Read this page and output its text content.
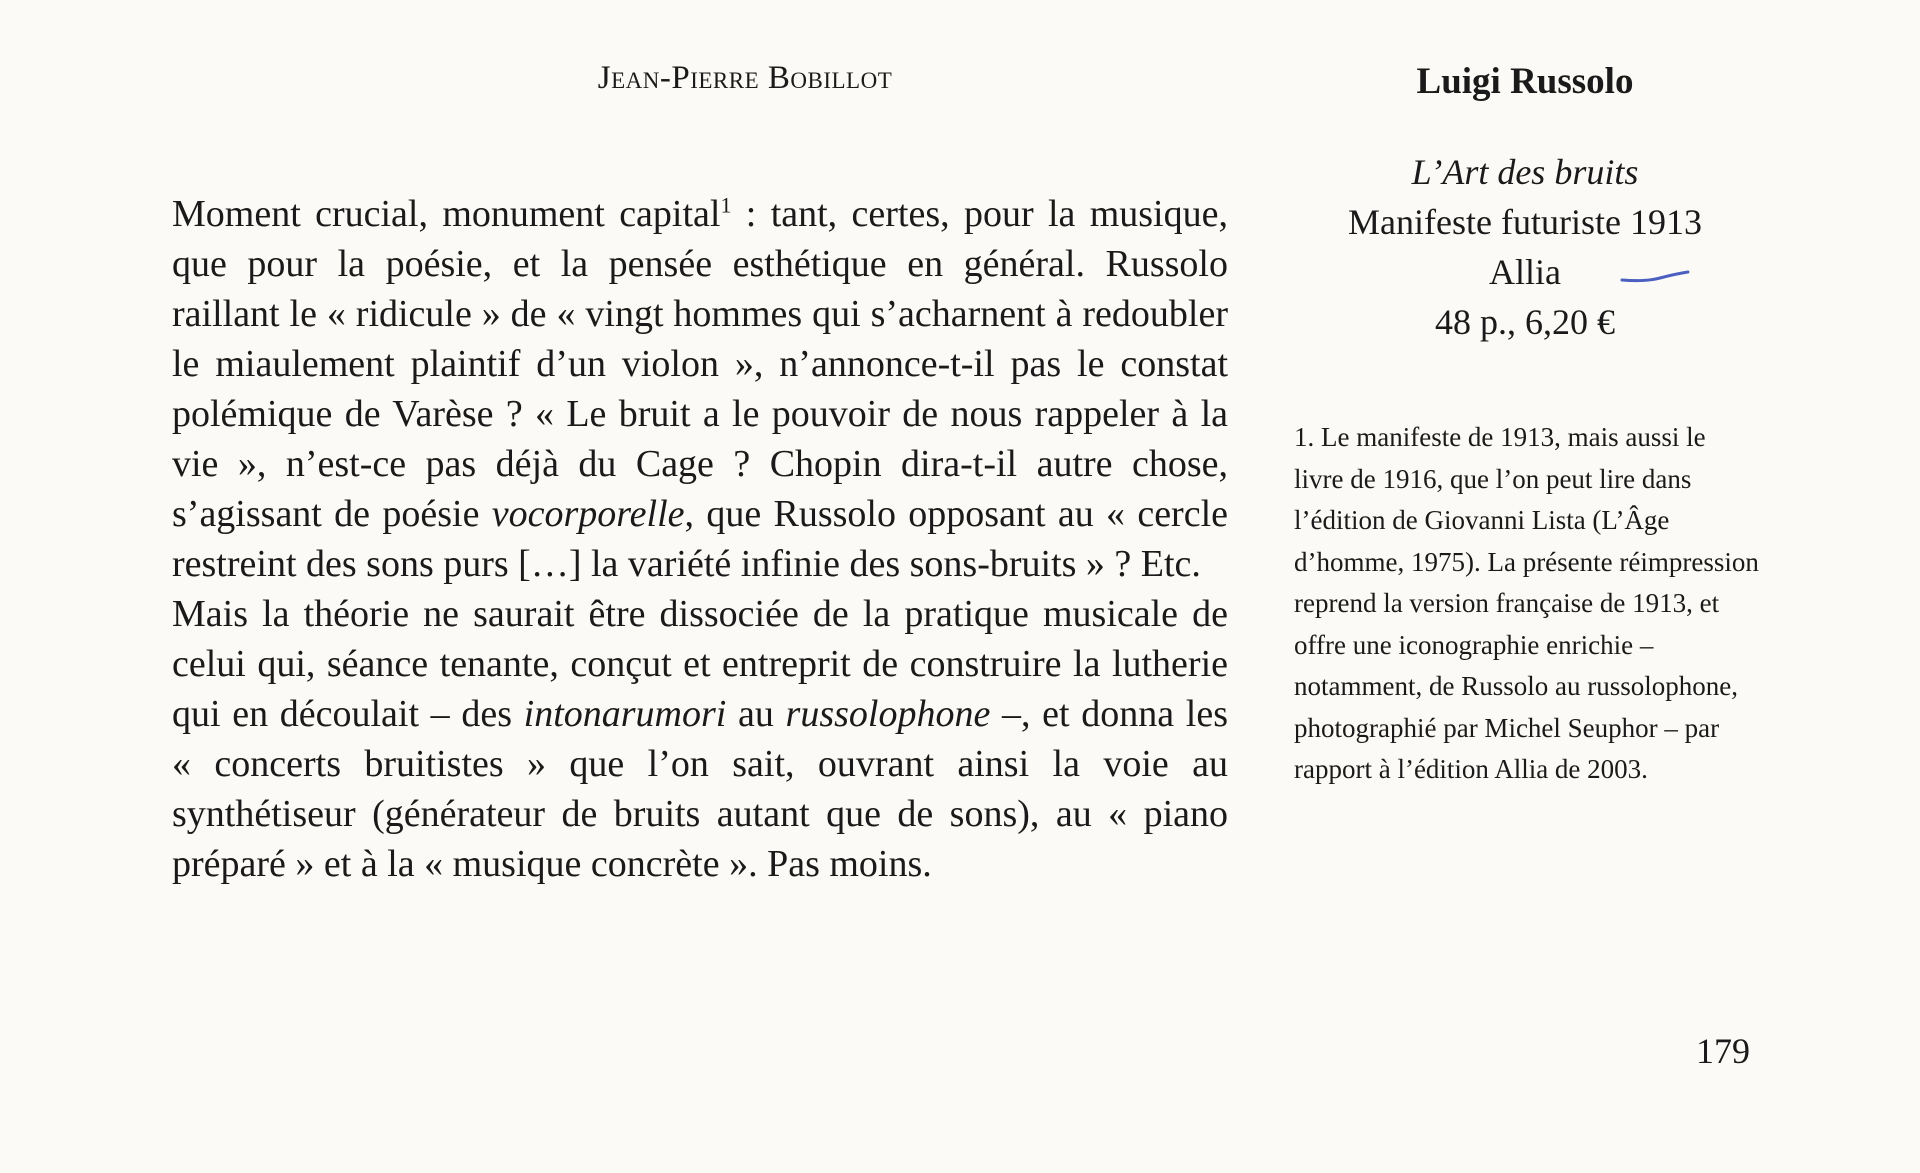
Jean-Pierre Bobillot

Moment crucial, monument capital$^1$ : tant, certes, pour la musique, que pour la poésie, et la pensée esthétique en général. Russolo raillant le « ridicule » de « vingt hommes qui s’acharnent à redoubler le miaulement plaintif d’un violon », n’annonce-t-il pas le constat polémique de Varèse ? « Le bruit a le pouvoir de nous rappeler à la vie », n’est-ce pas déjà du Cage ? Chopin dira-t-il autre chose, s’agissant de poésie vocorporelle, que Russolo opposant au « cercle restreint des sons purs […] la variété infinie des sons-bruits » ? Etc.

Mais la théorie ne saurait être dissociée de la pratique musicale de celui qui, séance tenante, conçut et entreprit de construire la lutherie qui en découlait – des intonarumori au russolophone –, et donna les « concerts bruitistes » que l’on sait, ouvrant ainsi la voie au synthétiseur (générateur de bruits autant que de sons), au « piano préparé » et à la « musique concrète ». Pas moins.

Luigi Russolo
L’Art des bruits
Manifeste futuriste 1913
Allia
48 p., 6,20 €
1. Le manifeste de 1913, mais aussi le livre de 1916, que l’on peut lire dans l’édition de Giovanni Lista (L’Âge d’homme, 1975). La présente réimpression reprend la version française de 1913, et offre une iconographie enrichie – notamment, de Russolo au russolophone, photographié par Michel Seuphor – par rapport à l’édition Allia de 2003.
179
